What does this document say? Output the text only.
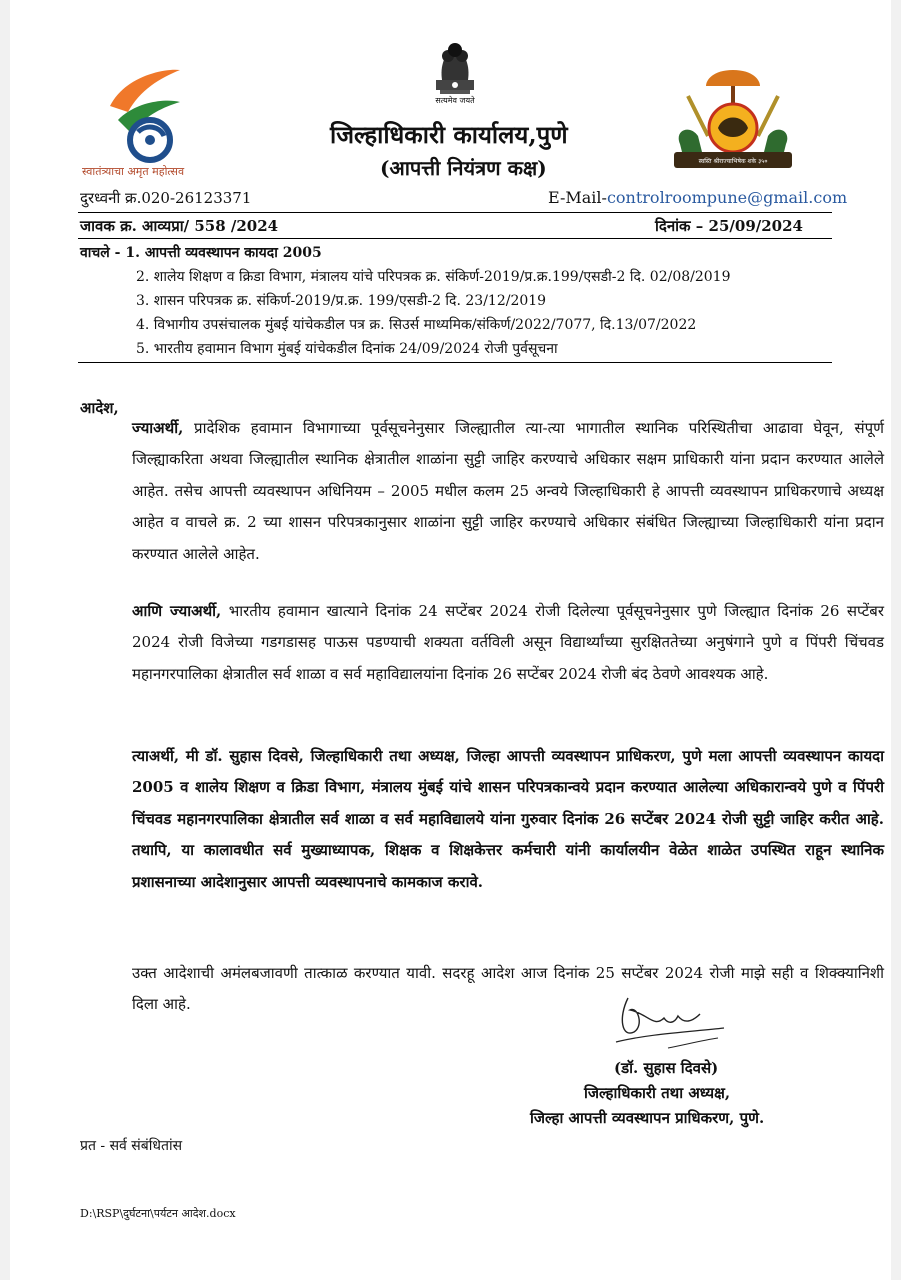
स्वातंत्र्याचा अमृत महोत्सव
सत्यमेव जयते
जिल्हाधिकारी कार्यालय,पुणे
(आपत्ती नियंत्रण कक्ष)	स्वस्ति श्रीराज्याभिषेक शके ३५०
दुरध्वनी क्र.020-26123371	E-Mail-controlroompune@gmail.com
जावक क्र. आव्यप्रा/ 558 /2024	दिनांक – 25/09/2024
वाचले - 1. आपत्ती व्यवस्थापन कायदा 2005
2. शालेय शिक्षण व क्रिडा विभाग, मंत्रालय यांचे परिपत्रक क्र. संकिर्ण-2019/प्र.क्र.199/एसडी-2 दि. 02/08/2019
3. शासन परिपत्रक क्र. संकिर्ण-2019/प्र.क्र. 199/एसडी-2 दि. 23/12/2019
4. विभागीय उपसंचालक मुंबई यांचेकडील पत्र क्र. सिउर्स माध्यमिक/संकिर्ण/2022/7077, दि.13/07/2022
5. भारतीय हवामान विभाग मुंबई यांचेकडील दिनांक 24/09/2024 रोजी पुर्वसूचना
आदेश,
ज्याअर्थी, प्रादेशिक हवामान विभागाच्या पूर्वसूचनेनुसार जिल्ह्यातील त्या-त्या भागातील स्थानिक परिस्थितीचा आढावा घेवून, संपूर्ण जिल्ह्याकरिता अथवा जिल्ह्यातील स्थानिक क्षेत्रातील शाळांना सुट्टी जाहिर करण्याचे अधिकार सक्षम प्राधिकारी यांना प्रदान करण्यात आलेले आहेत. तसेच आपत्ती व्यवस्थापन अधिनियम – 2005 मधील कलम 25 अन्वये जिल्हाधिकारी हे आपत्ती व्यवस्थापन प्राधिकरणाचे अध्यक्ष आहेत व वाचले क्र. 2 च्या शासन परिपत्रकानुसार शाळांना सुट्टी जाहिर करण्याचे अधिकार संबंधित जिल्ह्याच्या जिल्हाधिकारी यांना प्रदान करण्यात आलेले आहेत.
आणि ज्याअर्थी, भारतीय हवामान खात्याने दिनांक 24 सप्टेंबर 2024 रोजी दिलेल्या पूर्वसूचनेनुसार पुणे जिल्ह्यात दिनांक 26 सप्टेंबर 2024 रोजी विजेच्या गडगडासह पाऊस पडण्याची शक्यता वर्तविली असून विद्यार्थ्यांच्या सुरक्षिततेच्या अनुषंगाने पुणे व पिंपरी चिंचवड महानगरपालिका क्षेत्रातील सर्व शाळा व सर्व महाविद्यालयांना दिनांक 26 सप्टेंबर 2024 रोजी बंद ठेवणे आवश्यक आहे.
त्याअर्थी, मी डॉ. सुहास दिवसे, जिल्हाधिकारी तथा अध्यक्ष, जिल्हा आपत्ती व्यवस्थापन प्राधिकरण, पुणे मला आपत्ती व्यवस्थापन कायदा 2005 व शालेय शिक्षण व क्रिडा विभाग, मंत्रालय मुंबई यांचे शासन परिपत्रकान्वये प्रदान करण्यात आलेल्या अधिकारान्वये पुणे व पिंपरी चिंचवड महानगरपालिका क्षेत्रातील सर्व शाळा व सर्व महाविद्यालये यांना गुरुवार दिनांक 26 सप्टेंबर 2024 रोजी सुट्टी जाहिर करीत आहे. तथापि, या कालावधीत सर्व मुख्याध्यापक, शिक्षक व शिक्षकेत्तर कर्मचारी यांनी कार्यालयीन वेळेत शाळेत उपस्थित राहून स्थानिक प्रशासनाच्या आदेशानुसार आपत्ती व्यवस्थापनाचे कामकाज करावे.
उक्त आदेशाची अमंलबजावणी तात्काळ करण्यात यावी. सदरहू आदेश आज दिनांक 25 सप्टेंबर 2024 रोजी माझे सही व शिक्क्यानिशी दिला आहे.
(डॉ. सुहास दिवसे)
जिल्हाधिकारी तथा अध्यक्ष,
जिल्हा आपत्ती व्यवस्थापन प्राधिकरण, पुणे.
प्रत - सर्व संबंधितांस
D:\RSP\दुर्घटना\पर्यटन आदेश.docx
